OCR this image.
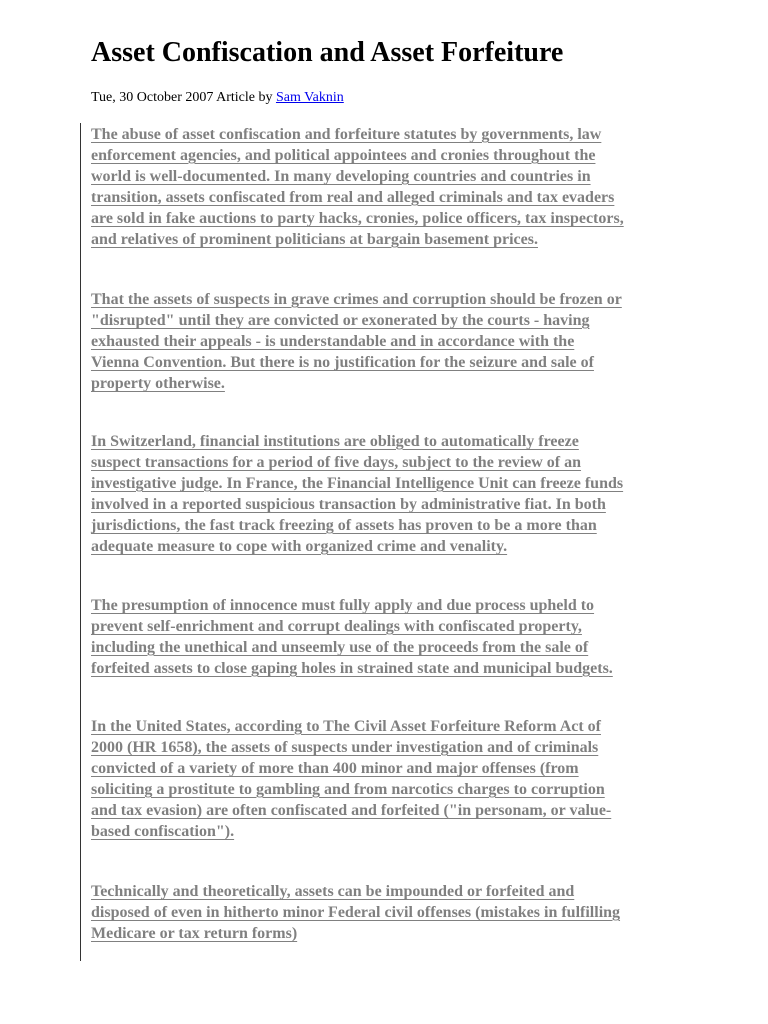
Asset Confiscation and Asset Forfeiture
Tue, 30 October 2007 Article by Sam Vaknin

The abuse of asset confiscation and forfeiture statutes by governments, law
enforcement agencies, and political appointees and cronies throughout the
world is well-documented. In many developing countries and countries in
transition, assets confiscated from real and alleged criminals and tax evaders
are sold in fake auctions to party hacks, cronies, police officers, tax inspectors,
and relatives of prominent politicians at bargain basement prices.

That the assets of suspects in grave crimes and corruption should be frozen or
"disrupted" until they are convicted or exonerated by the courts - having
exhausted their appeals - is understandable and in accordance with the
Vienna Convention. But there is no justification for the seizure and sale of
property otherwise.

In Switzerland, financial institutions are obliged to automatically freeze
suspect transactions for a period of five days, subject to the review of an
investigative judge. In France, the Financial Intelligence Unit can freeze funds
involved in a reported suspicious transaction by administrative fiat. In both
jurisdictions, the fast track freezing of assets has proven to be a more than
adequate measure to cope with organized crime and venality.

The presumption of innocence must fully apply and due process upheld to
prevent self-enrichment and corrupt dealings with confiscated property,
including the unethical and unseemly use of the proceeds from the sale of
forfeited assets to close gaping holes in strained state and municipal budgets.

In the United States, according to The Civil Asset Forfeiture Reform Act of
2000 (HR 1658), the assets of suspects under investigation and of criminals
convicted of a variety of more than 400 minor and major offenses (from
soliciting a prostitute to gambling and from narcotics charges to corruption
and tax evasion) are often confiscated and forfeited ("in personam, or value-
based confiscation").

Technically and theoretically, assets can be impounded or forfeited and
disposed of even in hitherto minor Federal civil offenses (mistakes in fulfilling
Medicare or tax return forms)
